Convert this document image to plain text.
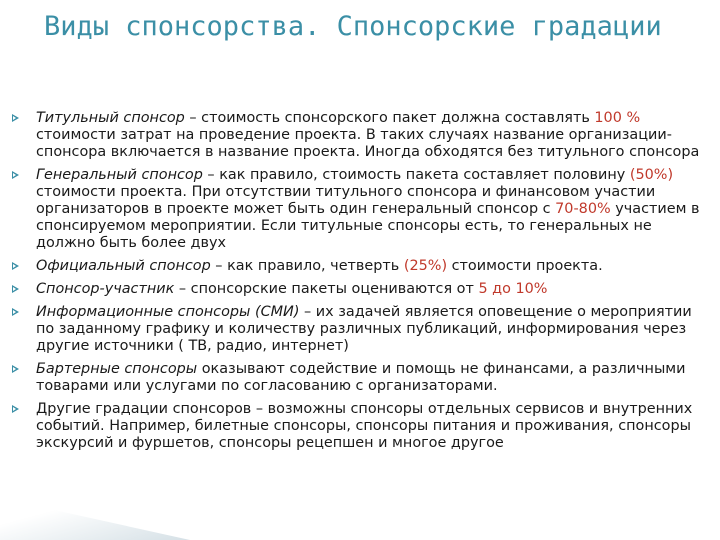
Виды спонсорства. Спонсорские градации
Титульный спонсор – стоимость спонсорского пакет должна составлять 100 % стоимости затрат на проведение проекта. В таких случаях название организации-спонсора включается в название проекта. Иногда обходятся без титульного спонсора
Генеральный спонсор – как правило, стоимость пакета составляет половину (50%) стоимости проекта. При отсутствии титульного спонсора и финансовом участии организаторов в проекте может быть один генеральный спонсор с 70-80% участием в спонсируемом мероприятии. Если титульные спонсоры есть, то генеральных не должно быть более двух
Официальный спонсор – как правило, четверть (25%) стоимости проекта.
Спонсор-участник – спонсорские пакеты оцениваются от 5 до 10%
Информационные спонсоры (СМИ) – их задачей является оповещение о мероприятии по заданному графику и количеству различных публикаций, информирования через другие источники ( ТВ, радио, интернет)
Бартерные спонсоры оказывают содействие и помощь не финансами, а различными товарами или услугами по согласованию с организаторами.
Другие градации спонсоров – возможны спонсоры отдельных сервисов и внутренних событий. Например, билетные спонсоры, спонсоры питания и проживания, спонсоры экскурсий и фуршетов, спонсоры рецепшен и многое другое
